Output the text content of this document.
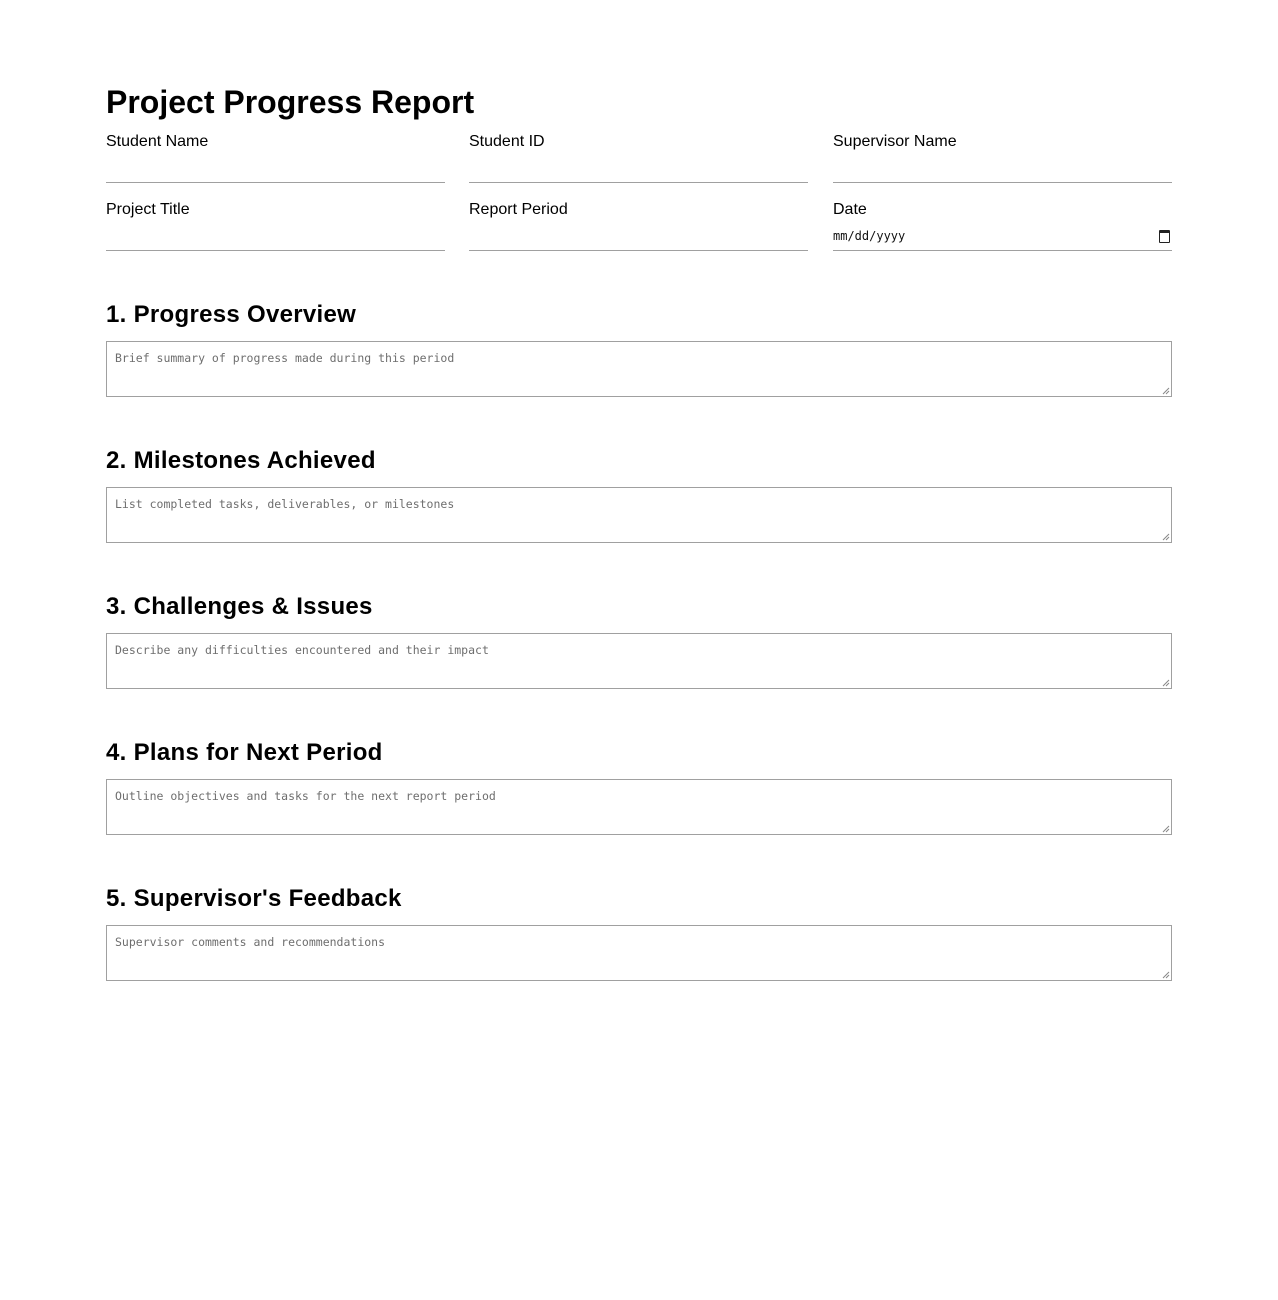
Project Progress Report
Student Name	Student ID	Supervisor Name
Project Title	Report Period	Date
mm/dd/yyyy
1. Progress Overview
Brief summary of progress made during this period
2. Milestones Achieved
List completed tasks, deliverables, or milestones
3. Challenges & Issues
Describe any difficulties encountered and their impact
4. Plans for Next Period
Outline objectives and tasks for the next report period
5. Supervisor's Feedback
Supervisor comments and recommendations
